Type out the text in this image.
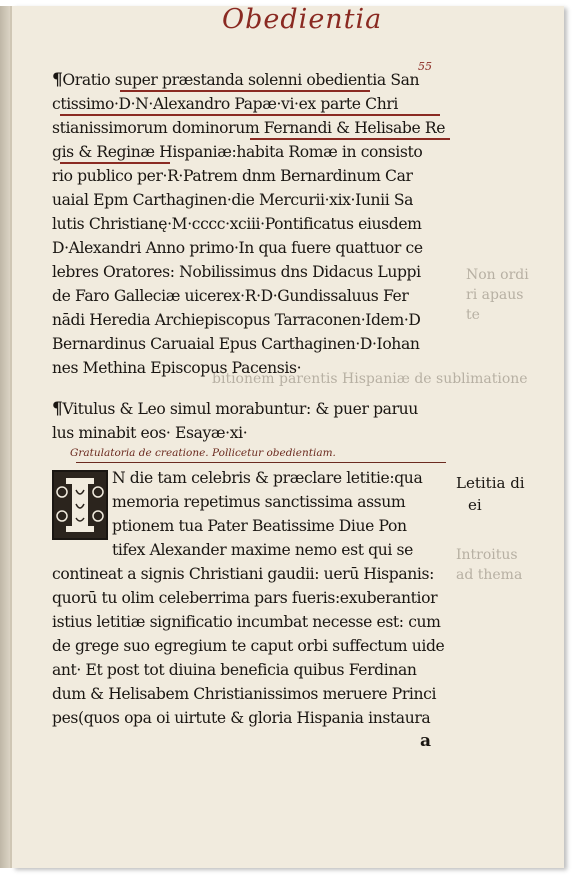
Obedientia
55
bitionem parentis Hispaniæ de sublimatione
Non ordi
ri apaus
te
Introitus
ad thema
¶Oratio super præstanda solenni obedientia San
ctissimo·D·N·Alexandro Papæ·vi·ex parte Chri
stianissimorum dominorum Fernandi & Helisabe Re
gis & Reginæ Hispaniæ:habita Romæ in consisto
rio publico per·R·Patrem dnm Bernardinum Car
uaial Epm Carthaginen·die Mercurii·xix·Iunii Sa
lutis Christianę·M·cccc·xciii·Pontificatus eiusdem
D·Alexandri Anno primo·In qua fuere quattuor ce
lebres Oratores: Nobilissimus dns Didacus Luppi
de Faro Galleciæ uicerex·R·D·Gundissaluus Fer
nādi Heredia Archiepiscopus Tarraconen·Idem·D
Bernardinus Caruaial Epus Carthaginen·D·Iohan
nes Methina Episcopus Pacensis·
¶Vitulus & Leo simul morabuntur: & puer paruu
lus minabit eos· Esayæ·xi·
Gratulatoria de creatione. Pollicetur obedientiam.
N die tam celebris & præclare letitie:qua
memoria repetimus sanctissima assum
ptionem tua Pater Beatissime Diue Pon
tifex Alexander maxime nemo est qui se
contineat a signis Christiani gaudii: uerū Hispanis:
quorū tu olim celeberrima pars fueris:exuberantior
istius letitiæ significatio incumbat necesse est: cum
de grege suo egregium te caput orbi suffectum uide
ant· Et post tot diuina beneficia quibus Ferdinan
dum & Helisabem Christianissimos meruere Princi
pes(quos opa oi uirtute & gloria Hispania instaura
Letitia di
ei
a
